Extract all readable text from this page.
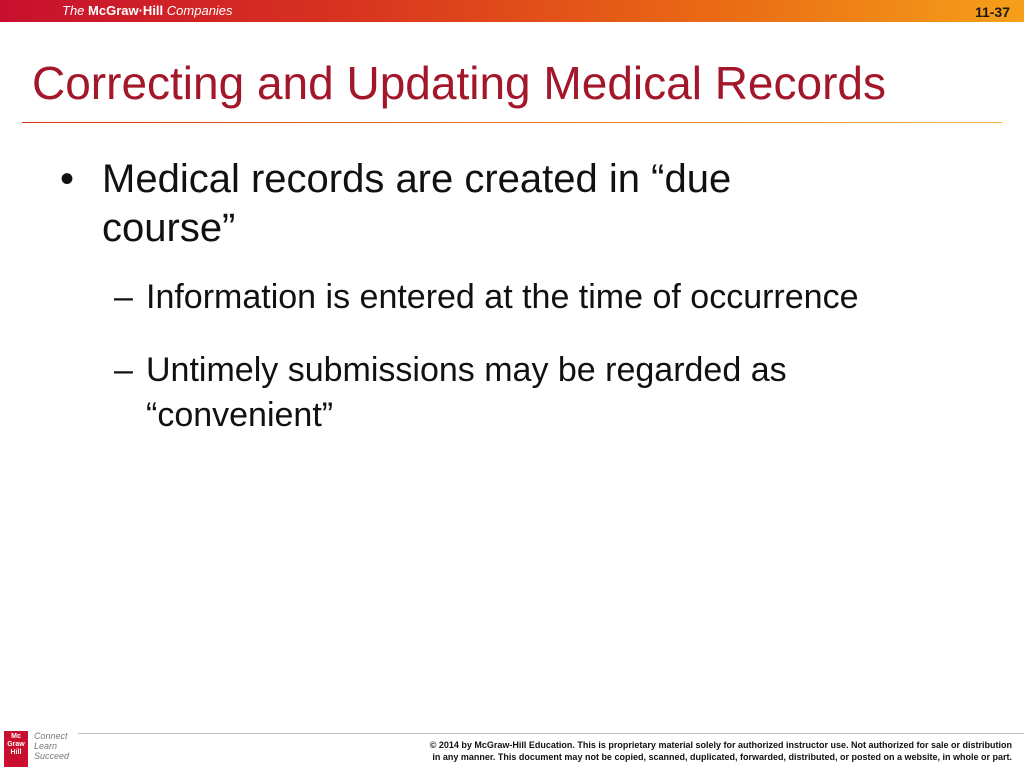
The McGraw·Hill Companies	11-37
Correcting and Updating Medical Records
• Medical records are created in “due course”
– Information is entered at the time of occurrence
– Untimely submissions may be regarded as “convenient”
Mc
Graw
Hill
Connect
Learn
Succeed
© 2014 by McGraw-Hill Education. This is proprietary material solely for authorized instructor use. Not authorized for sale or distribution
in any manner. This document may not be copied, scanned, duplicated, forwarded, distributed, or posted on a website, in whole or part.
